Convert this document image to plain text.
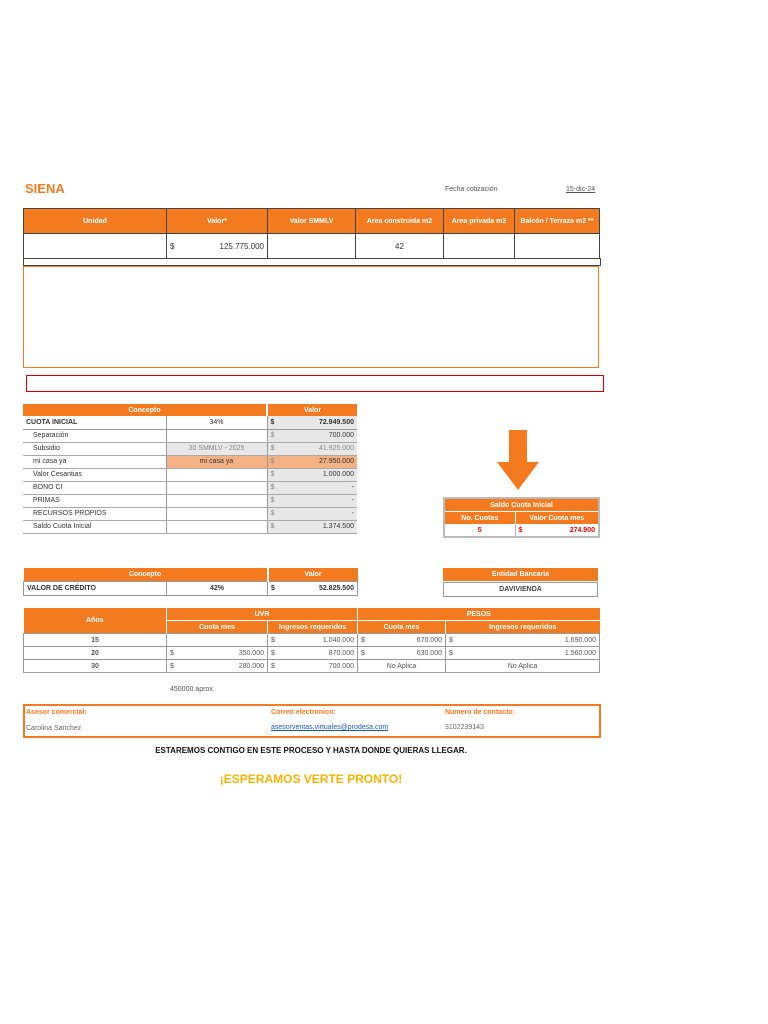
SIENA	Fecha cotización	15-dic-24
Unidad	Valor*	Valor SMMLV	Area construida m2	Area privada m2	Balcón / Terraza m2 **

	$ 125.775.000		42		
Concepto		Valor
CUOTA INICIAL	34%	$ 72.949.500

Separación		$ 700.000

Subsidio	30 SMMLV - 2025	$ 41.925.000

mi casa ya	mi casa ya	$ 27.950.000

Valor Cesantias		$ 1.000.000

BONO CI		$ -

PRIMAS		$ -

RECURSOS PROPIOS		$ -

Saldo Cuota Inicial		$ 1.374.500
Saldo Cuota Inicial	
No. Cuotas	Valor Cuota mes
5	$ 274.900
Concepto		Valor
VALOR DE CRÉDITO	42%	$ 52.825.500
Entidad Bancaria
DAVIVIENDA
Años	UVR		PESOS	
	Cuota mes	Ingresos requeridos	Cuota mes	Ingresos requeridos
15		$ 1.040.000	$ 670.000	$ 1.690.000

20	$ 350.000	$ 870.000	$ 630.000	$ 1.560.000

30	$ 280.000	$ 700.000	No Aplica	No Aplica
450000 aprox.
Asesor comercial:
Carolina Sanchez
Correo electronico:
asesorventas.virtuales@prodesa.com
Numero de contacto:
3102239143
ESTAREMOS CONTIGO EN ESTE PROCESO Y HASTA DONDE QUIERAS LLEGAR.
¡ESPERAMOS VERTE PRONTO!
